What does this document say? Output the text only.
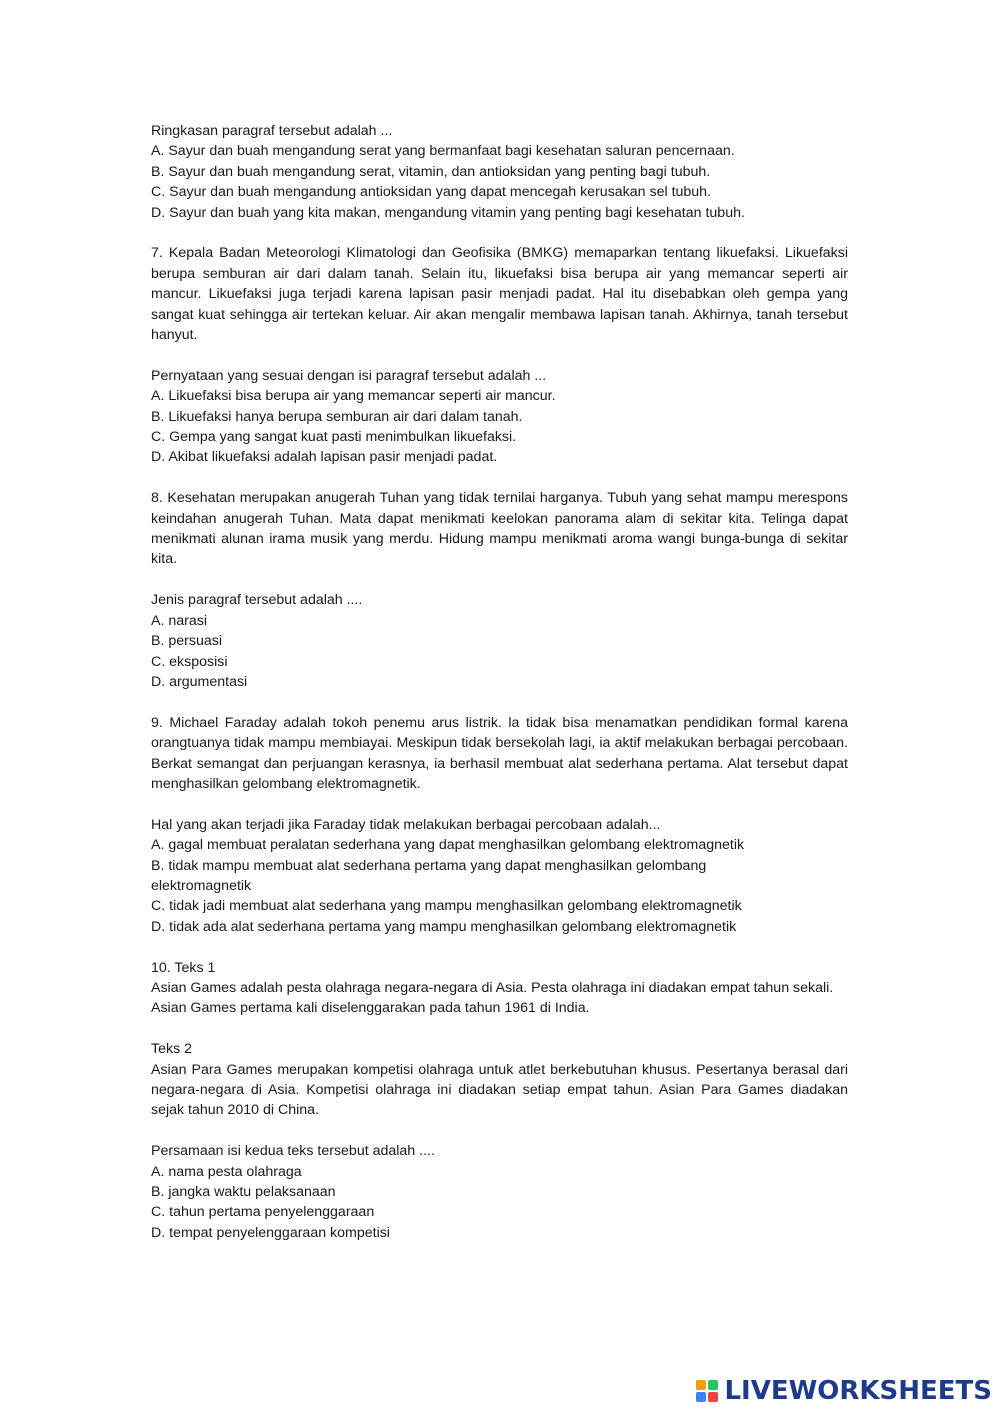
Ringkasan paragraf tersebut adalah ...
A. Sayur dan buah mengandung serat yang bermanfaat bagi kesehatan saluran pencernaan.
B. Sayur dan buah mengandung serat, vitamin, dan antioksidan yang penting bagi tubuh.
C. Sayur dan buah mengandung antioksidan yang dapat mencegah kerusakan sel tubuh.
D. Sayur dan buah yang kita makan, mengandung vitamin yang penting bagi kesehatan tubuh.
7. Kepala Badan Meteorologi Klimatologi dan Geofisika (BMKG) memaparkan tentang likuefaksi. Likuefaksi berupa semburan air dari dalam tanah. Selain itu, likuefaksi bisa berupa air yang memancar seperti air mancur. Likuefaksi juga terjadi karena lapisan pasir menjadi padat. Hal itu disebabkan oleh gempa yang sangat kuat sehingga air tertekan keluar. Air akan mengalir membawa lapisan tanah. Akhirnya, tanah tersebut hanyut.
Pernyataan yang sesuai dengan isi paragraf tersebut adalah ...
A. Likuefaksi bisa berupa air yang memancar seperti air mancur.
B. Likuefaksi hanya berupa semburan air dari dalam tanah.
C. Gempa yang sangat kuat pasti menimbulkan likuefaksi.
D. Akibat likuefaksi adalah lapisan pasir menjadi padat.
8. Kesehatan merupakan anugerah Tuhan yang tidak ternilai harganya. Tubuh yang sehat mampu merespons keindahan anugerah Tuhan. Mata dapat menikmati keelokan panorama alam di sekitar kita. Telinga dapat menikmati alunan irama musik yang merdu. Hidung mampu menikmati aroma wangi bunga-bunga di sekitar kita.
Jenis paragraf tersebut adalah ....
A. narasi
B. persuasi
C. eksposisi
D. argumentasi
9. Michael Faraday adalah tokoh penemu arus listrik. la tidak bisa menamatkan pendidikan formal karena orangtuanya tidak mampu membiayai. Meskipun tidak bersekolah lagi, ia aktif melakukan berbagai percobaan. Berkat semangat dan perjuangan kerasnya, ia berhasil membuat alat sederhana pertama. Alat tersebut dapat menghasilkan gelombang elektromagnetik.
Hal yang akan terjadi jika Faraday tidak melakukan berbagai percobaan adalah...
A. gagal membuat peralatan sederhana yang dapat menghasilkan gelombang elektromagnetik
B. tidak mampu membuat alat sederhana pertama yang dapat menghasilkan gelombang elektromagnetik
C. tidak jadi membuat alat sederhana yang mampu menghasilkan gelombang elektromagnetik
D. tidak ada alat sederhana pertama yang mampu menghasilkan gelombang elektromagnetik
10. Teks 1
Asian Games adalah pesta olahraga negara-negara di Asia. Pesta olahraga ini diadakan empat tahun sekali. Asian Games pertama kali diselenggarakan pada tahun 1961 di India.
Teks 2
Asian Para Games merupakan kompetisi olahraga untuk atlet berkebutuhan khusus. Pesertanya berasal dari negara-negara di Asia. Kompetisi olahraga ini diadakan setiap empat tahun. Asian Para Games diadakan sejak tahun 2010 di China.
Persamaan isi kedua teks tersebut adalah ....
A. nama pesta olahraga
B. jangka waktu pelaksanaan
C. tahun pertama penyelenggaraan
D. tempat penyelenggaraan kompetisi
LIVEWORKSHEETS
